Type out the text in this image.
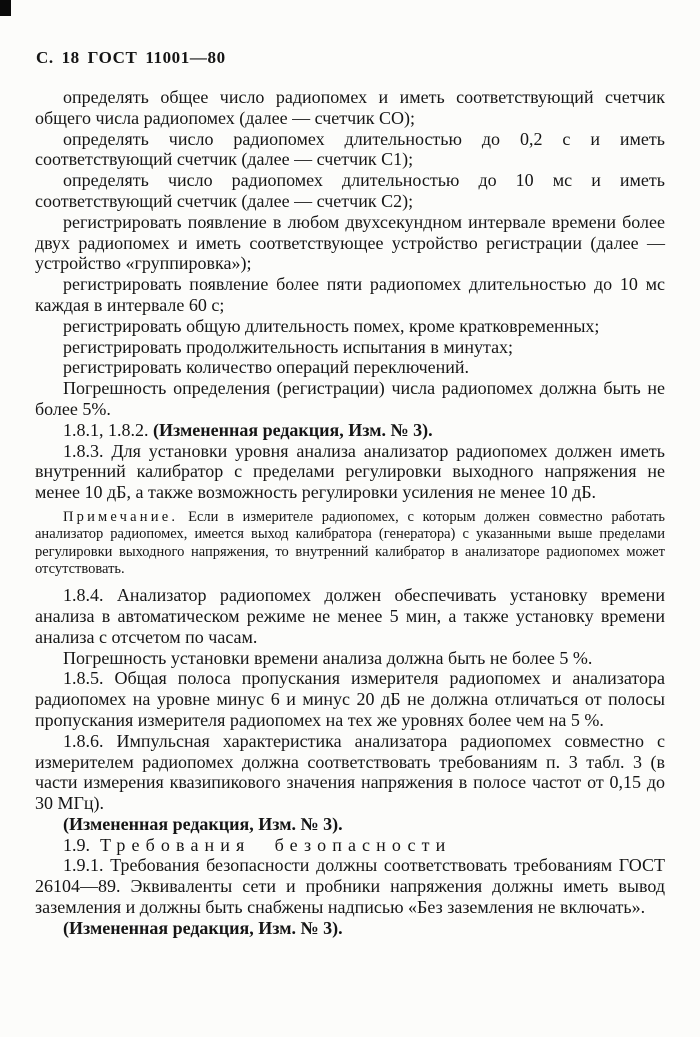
С. 18 ГОСТ 11001—80

определять общее число радиопомех и иметь соответствующий счетчик общего числа радиопомех (далее — счетчик СО);

определять число радиопомех длительностью до 0,2 с и иметь соответствующий счетчик (далее — счетчик С1);

определять число радиопомех длительностью до 10 мс и иметь соответствующий счетчик (далее — счетчик С2);

регистрировать появление в любом двухсекундном интервале времени более двух радиопомех и иметь соответствующее устройство регистрации (далее — устройство «группировка»);

регистрировать появление более пяти радиопомех длительностью до 10 мс каждая в интервале 60 с;

регистрировать общую длительность помех, кроме кратковременных;

регистрировать продолжительность испытания в минутах;

регистрировать количество операций переключений.

Погрешность определения (регистрации) числа радиопомех должна быть не более 5%.

1.8.1, 1.8.2. (Измененная редакция, Изм. № 3).

1.8.3. Для установки уровня анализа анализатор радиопомех должен иметь внутренний калибратор с пределами регулировки выходного напряжения не менее 10 дБ, а также возможность регулировки усиления не менее 10 дБ.

Примечание. Если в измерителе радиопомех, с которым должен совместно работать анализатор радиопомех, имеется выход калибратора (генератора) с указанными выше пределами регулировки выходного напряжения, то внутренний калибратор в анализаторе радиопомех может отсутствовать.

1.8.4. Анализатор радиопомех должен обеспечивать установку времени анализа в автоматическом режиме не менее 5 мин, а также установку времени анализа с отсчетом по часам.

Погрешность установки времени анализа должна быть не более 5 %.

1.8.5. Общая полоса пропускания измерителя радиопомех и анализатора радиопомех на уровне минус 6 и минус 20 дБ не должна отличаться от полосы пропускания измерителя радиопомех на тех же уровнях более чем на 5 %.

1.8.6. Импульсная характеристика анализатора радиопомех совместно с измерителем радиопомех должна соответствовать требованиям п. 3 табл. 3 (в части измерения квазипикового значения напряжения в полосе частот от 0,15 до 30 МГц).

(Измененная редакция, Изм. № 3).

1.9. Требования безопасности

1.9.1. Требования безопасности должны соответствовать требованиям ГОСТ 26104—89. Эквиваленты сети и пробники напряжения должны иметь вывод заземления и должны быть снабжены надписью «Без заземления не включать».

(Измененная редакция, Изм. № 3).
